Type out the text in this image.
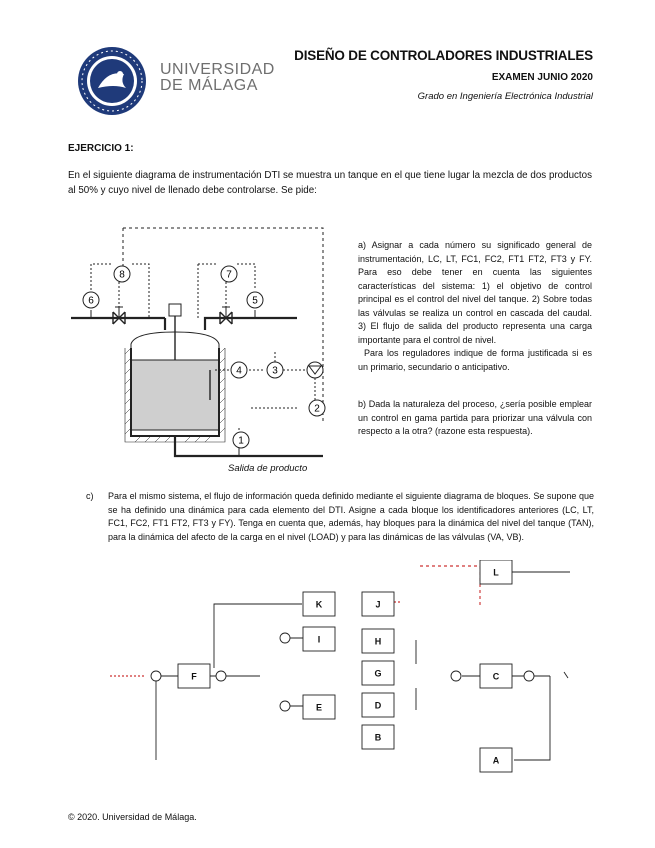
UNIVERSIDAD
DE MÁLAGA
DISEÑO DE CONTROLADORES INDUSTRIALES
EXAMEN JUNIO 2020
Grado en Ingeniería Electrónica Industrial
EJERCICIO 1:
En el siguiente diagrama de instrumentación DTI se muestra un tanque en el que tiene lugar la mezcla de dos productos al 50% y cuyo nivel de llenado debe controlarse. Se pide:
1
2
3
4
5
6
7
8
Salida de producto

a) Asignar a cada número su significado general de instrumentación, LC, LT, FC1, FC2, FT1 FT2, FT3 y FY. Para eso debe tener en cuenta las siguientes características del sistema: 1) el objetivo de control principal es el control del nivel del tanque. 2) Sobre todas las válvulas se realiza un control en cascada del caudal. 3) El flujo de salida del producto representa una carga importante para el control de nivel.

Para los reguladores indique de forma justificada si es un primario, secundario o anticipativo.

b) Dada la naturaleza del proceso, ¿sería posible emplear un control en gama partida para priorizar una válvula con respecto a la otra? (razone esta respuesta).
c) Para el mismo sistema, el flujo de información queda definido mediante el siguiente diagrama de bloques. Se supone que se ha definido una dinámica para cada elemento del DTI. Asigne a cada bloque los identificadores anteriores (LC, LT, FC1, FC2, FT1 FT2, FT3 y FY). Tenga en cuenta que, además, hay bloques para la dinámica del nivel del tanque (TAN), para la dinámica del afecto de la carga en el nivel (LOAD) y para las dinámicas de las válvulas (VA, VB).
K	J
I	H
G
F
E	D
C
B
A
L
© 2020. Universidad de Málaga.
